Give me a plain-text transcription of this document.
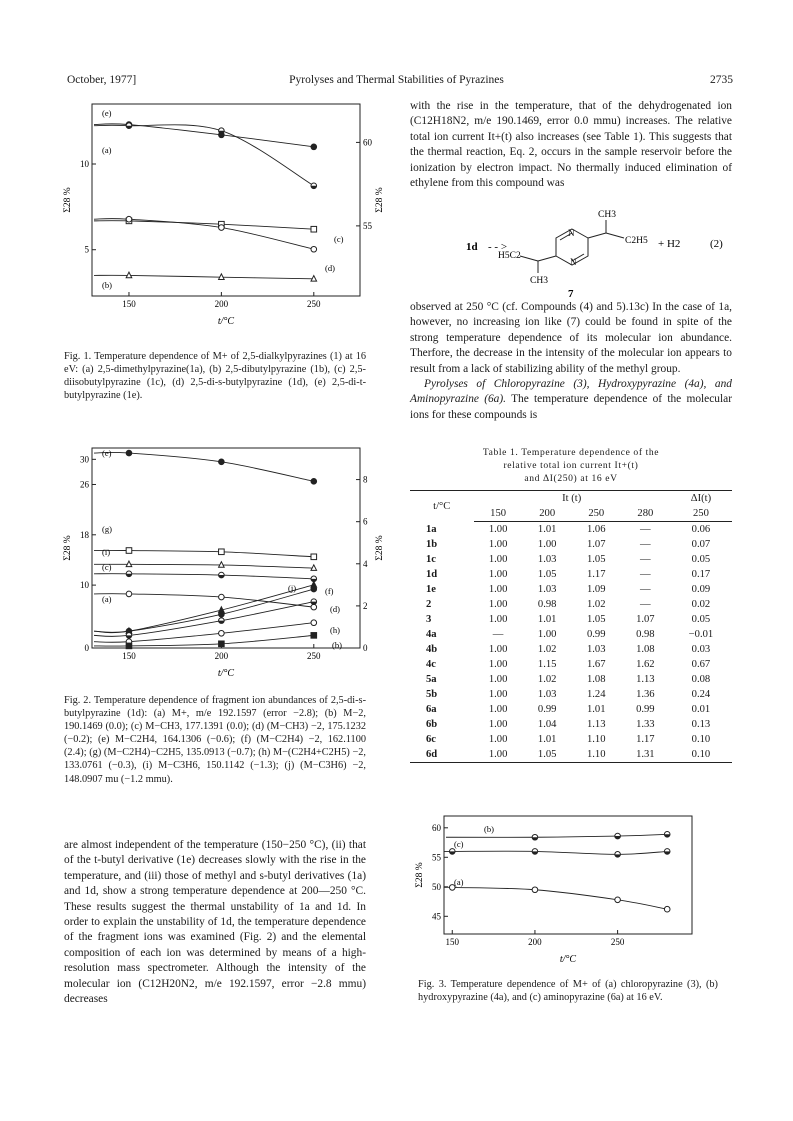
October, 1977]	Pyrolyses and Thermal Stabilities of Pyrazines	2735
150	200	250
5
10
55
60
t/°C
Σ28 %	Σ28 %
(e)
(a)
(c)
(d)
(b)
Fig. 1. Temperature dependence of M+ of 2,5-dialkylpyrazines (1) at 16 eV: (a) 2,5-dimethylpyrazine(1a), (b) 2,5-dibutylpyrazine (1b), (c) 2,5-diisobutylpyrazine (1c), (d) 2,5-di-s-butylpyrazine (1d), (e) 2,5-di-t-butylpyrazine (1e).
150	200	250
0
10
18
26
30
0
2
4
6
8
t/°C
Σ28 %	Σ28 %
(e)
(g)
(i)
(c)
(a)
(j)	(f)
(d)
(h)
(b)
Fig. 2. Temperature dependence of fragment ion abundances of 2,5-di-s-butylpyrazine (1d): (a) M+, m/e 192.1597 (error −2.8); (b) M−2, 190.1469 (0.0); (c) M−CH3, 177.1391 (0.0); (d) (M−CH3) −2, 175.1232 (−0.2); (e) M−C2H4, 164.1306 (−0.6); (f) (M−C2H4) −2, 162.1100 (2.4); (g) (M−C2H4)−C2H5, 135.0913 (−0.7); (h) M−(C2H4+C2H5) −2, 133.0761 (−0.3), (i) M−C3H6, 150.1142 (−1.3); (j) (M−C3H6) −2, 148.0907 mu (−1.2 mmu).

are almost independent of the temperature (150−250 °C), (ii) that of the t-butyl derivative (1e) decreases slowly with the rise in the temperature, and (iii) those of methyl and s-butyl derivatives (1a) and 1d, show a strong temperature dependence at 200—250 °C. These results suggest the thermal unstability of 1a and 1d. In order to explain the unstability of 1d, the temperature dependence of the fragment ions was examined (Fig. 2) and the elemental composition of each ion was determined by means of a high-resolution mass spectrometer. Although the intensity of the molecular ion (C12H20N2, m/e 192.1597, error −2.8 mmu) decreases

with the rise in the temperature, that of the dehydrogenated ion (C12H18N2, m/e 190.1469, error 0.0 mmu) increases. The relative total ion current It+(t) also increases (see Table 1). This suggests that the thermal reaction, Eq. 2, occurs in the sample reservoir before the ionization by electron impact. No thermally induced elimination of ethylene from this compound was

1d - - >
N
N
CH3
C2H5
H5C2
CH3
+ H2	(2)
7

observed at 250 °C (cf. Compounds (4) and 5).13c) In the case of 1a, however, no increasing ion like (7) could be found in spite of the strong temperature dependence of its molecular ion abundance. Therfore, the decrease in the intensity of the molecular ion appears to result from a lack of stabilizing ability of the methyl group.

Pyrolyses of Chloropyrazine (3), Hydroxypyrazine (4a), and Aminopyrazine (6a). The temperature dependence of the molecular ions for these compounds is

Table 1. Temperature dependence of the
relative total ion current It+(t)
and ΔI(250) at 16 eV
t/°C	It (t)				ΔI(t)
	150	200	250	280	250
1a	1.00	1.01	1.06	—	0.06
1b	1.00	1.00	1.07	—	0.07
1c	1.00	1.03	1.05	—	0.05
1d	1.00	1.05	1.17	—	0.17
1e	1.00	1.03	1.09	—	0.09
2	1.00	0.98	1.02	—	0.02
3	1.00	1.01	1.05	1.07	0.05
4a	—	1.00	0.99	0.98	−0.01
4b	1.00	1.02	1.03	1.08	0.03
4c	1.00	1.15	1.67	1.62	0.67
5a	1.00	1.02	1.08	1.13	0.08
5b	1.00	1.03	1.24	1.36	0.24
6a	1.00	0.99	1.01	0.99	0.01
6b	1.00	1.04	1.13	1.33	0.13
6c	1.00	1.01	1.10	1.17	0.10
6d	1.00	1.05	1.10	1.31	0.10
150	200	250
45
50
55
60
t/°C
Σ28 %
(b)
(c)
(a)
Fig. 3. Temperature dependence of M+ of (a) chloropyrazine (3), (b) hydroxypyrazine (4a), and (c) aminopyrazine (6a) at 16 eV.
